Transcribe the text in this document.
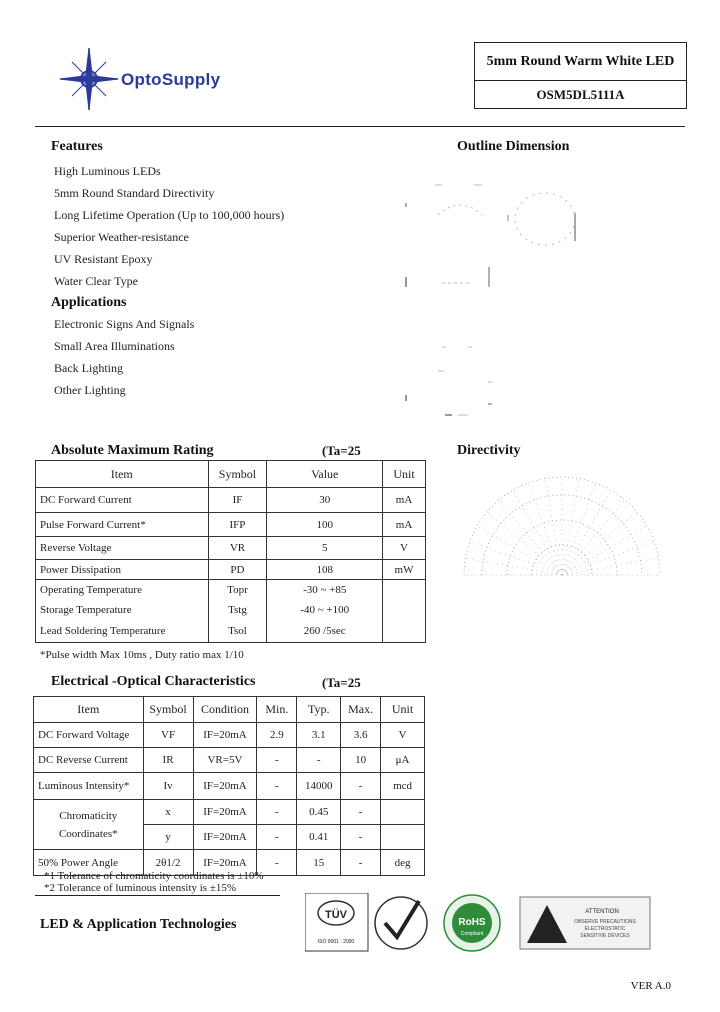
OptoSupply
5mm Round Warm White LED
OSM5DL5111A
Features
High Luminous LEDs
5mm Round Standard Directivity
Long Lifetime Operation (Up to 100,000 hours)
Superior Weather-resistance
UV Resistant Epoxy
Water Clear Type
Applications
Electronic Signs And Signals
Small Area Illuminations
Back Lighting
Other Lighting
Outline Dimension
Absolute Maximum Rating	(Ta=25
Item	Symbol	Value	Unit
DC Forward Current	IF	30	mA
Pulse Forward Current*	IFP	100	mA
Reverse Voltage	VR	5	V
Power Dissipation	PD	108	mW
Operating Temperature	Topr	-30 ~ +85	
Storage Temperature	Tstg	-40 ~ +100	
Lead Soldering Temperature	Tsol	260 /5sec	
*Pulse width Max 10ms , Duty ratio max 1/10
Directivity
Electrical -Optical Characteristics	(Ta=25
Item	Symbol	Condition	Min.	Typ.	Max.	Unit
DC Forward Voltage	VF	IF=20mA	2.9	3.1	3.6	V
DC Reverse Current	IR	VR=5V	-	-	10	μA
Luminous Intensity*	Iv	IF=20mA	-	14000	-	mcd
Chromaticity Coordinates*	x	IF=20mA	-	0.45	-	
	y	IF=20mA	-	0.41	-	
50% Power Angle	2θ1/2	IF=20mA	-	15	-	deg
*1 Tolerance of chromaticity coordinates is ±10%
*2 Tolerance of luminous intensity is ±15%
LED & Application Technologies
TÜV
ISO 9001 : 2000
RoHS
Compliant
ATTENTION
OBSERVE PRECAUTIONS
ELECTROSTATIC
SENSITIVE DEVICES
VER A.0
